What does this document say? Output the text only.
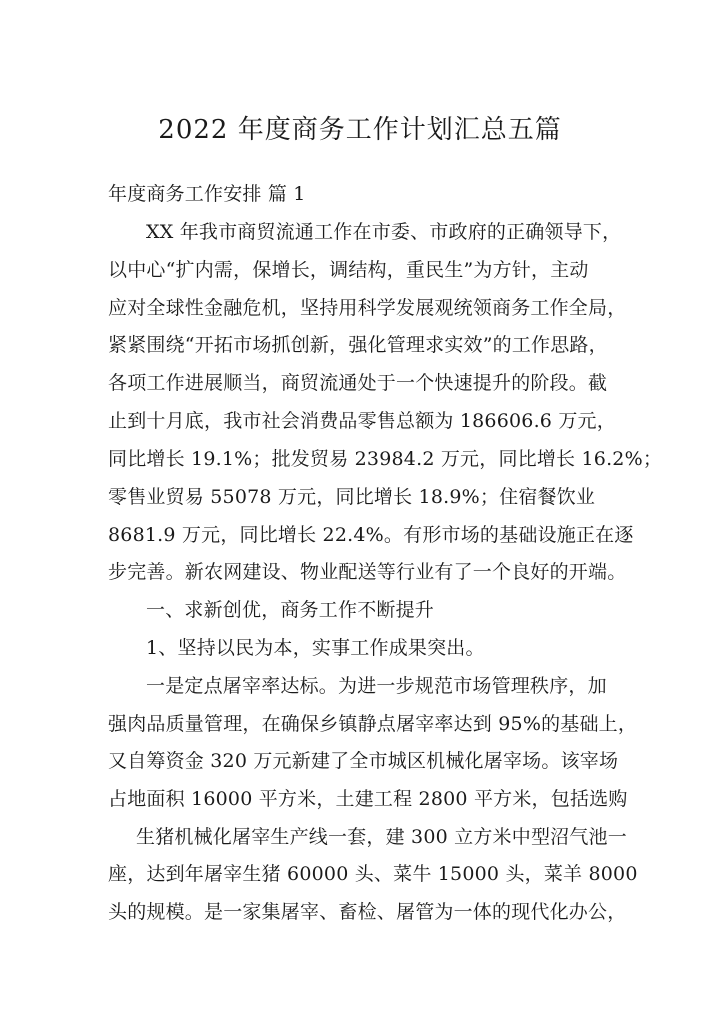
2022 年度商务工作计划汇总五篇
年度商务工作安排 篇 1
XX 年我市商贸流通工作在市委、市政府的正确领导下，
以中心“扩内需，保增长，调结构，重民生”为方针，主动
应对全球性金融危机，坚持用科学发展观统领商务工作全局，
紧紧围绕“开拓市场抓创新，强化管理求实效”的工作思路，
各项工作进展顺当，商贸流通处于一个快速提升的阶段。截
止到十月底，我市社会消费品零售总额为 186606.6 万元，
同比增长 19.1%；批发贸易 23984.2 万元，同比增长 16.2%；
零售业贸易 55078 万元，同比增长 18.9%；住宿餐饮业
8681.9 万元，同比增长 22.4%。有形市场的基础设施正在逐
步完善。新农网建设、物业配送等行业有了一个良好的开端。
一、求新创优，商务工作不断提升
1、坚持以民为本，实事工作成果突出。
一是定点屠宰率达标。为进一步规范市场管理秩序，加
强肉品质量管理，在确保乡镇静点屠宰率达到 95%的基础上，
又自筹资金 320 万元新建了全市城区机械化屠宰场。该宰场
占地面积 16000 平方米，土建工程 2800 平方米，包括选购
生猪机械化屠宰生产线一套，建 300 立方米中型沼气池一
座，达到年屠宰生猪 60000 头、菜牛 15000 头，菜羊 8000
头的规模。是一家集屠宰、畜检、屠管为一体的现代化办公，
